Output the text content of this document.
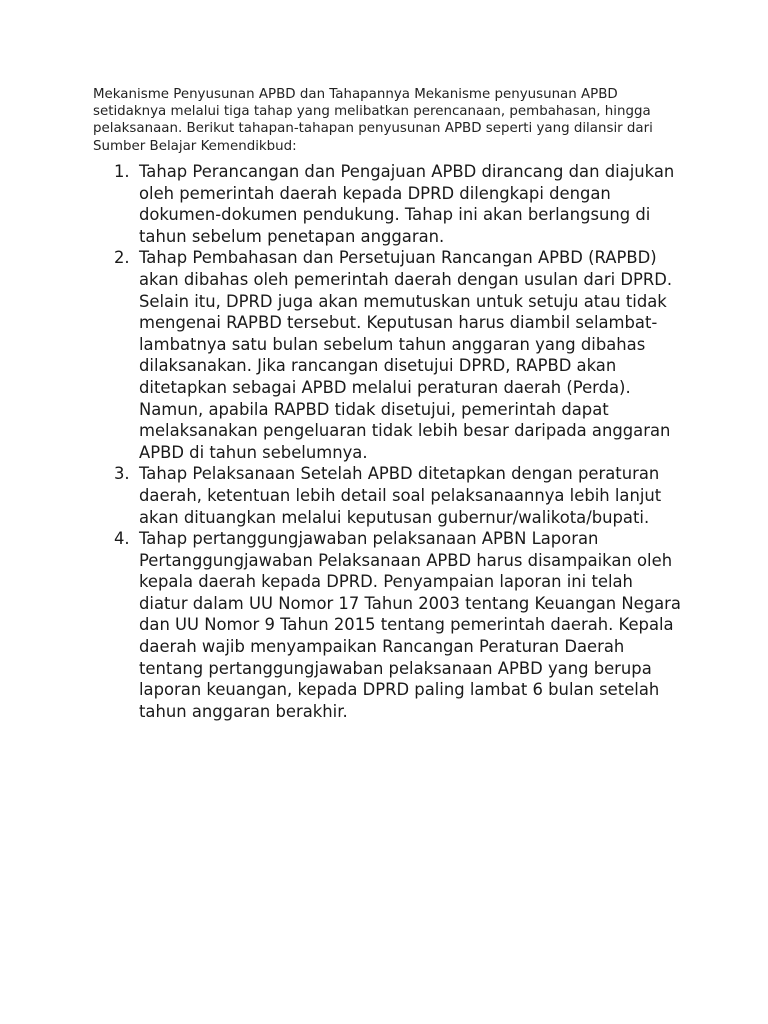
Mekanisme Penyusunan APBD dan Tahapannya Mekanisme penyusunan APBD setidaknya melalui tiga tahap yang melibatkan perencanaan, pembahasan, hingga pelaksanaan. Berikut tahapan-tahapan penyusunan APBD seperti yang dilansir dari Sumber Belajar Kemendikbud:

1. Tahap Perancangan dan Pengajuan APBD dirancang dan diajukan oleh pemerintah daerah kepada DPRD dilengkapi dengan dokumen-dokumen pendukung. Tahap ini akan berlangsung di tahun sebelum penetapan anggaran.
2. Tahap Pembahasan dan Persetujuan Rancangan APBD (RAPBD) akan dibahas oleh pemerintah daerah dengan usulan dari DPRD. Selain itu, DPRD juga akan memutuskan untuk setuju atau tidak mengenai RAPBD tersebut. Keputusan harus diambil selambat-lambatnya satu bulan sebelum tahun anggaran yang dibahas dilaksanakan. Jika rancangan disetujui DPRD, RAPBD akan ditetapkan sebagai APBD melalui peraturan daerah (Perda). Namun, apabila RAPBD tidak disetujui, pemerintah dapat melaksanakan pengeluaran tidak lebih besar daripada anggaran APBD di tahun sebelumnya.
3. Tahap Pelaksanaan Setelah APBD ditetapkan dengan peraturan daerah, ketentuan lebih detail soal pelaksanaannya lebih lanjut akan dituangkan melalui keputusan gubernur/walikota/bupati.
4. Tahap pertanggungjawaban pelaksanaan APBN Laporan Pertanggungjawaban Pelaksanaan APBD harus disampaikan oleh kepala daerah kepada DPRD. Penyampaian laporan ini telah diatur dalam UU Nomor 17 Tahun 2003 tentang Keuangan Negara dan UU Nomor 9 Tahun 2015 tentang pemerintah daerah. Kepala daerah wajib menyampaikan Rancangan Peraturan Daerah tentang pertanggungjawaban pelaksanaan APBD yang berupa laporan keuangan, kepada DPRD paling lambat 6 bulan setelah tahun anggaran berakhir.
